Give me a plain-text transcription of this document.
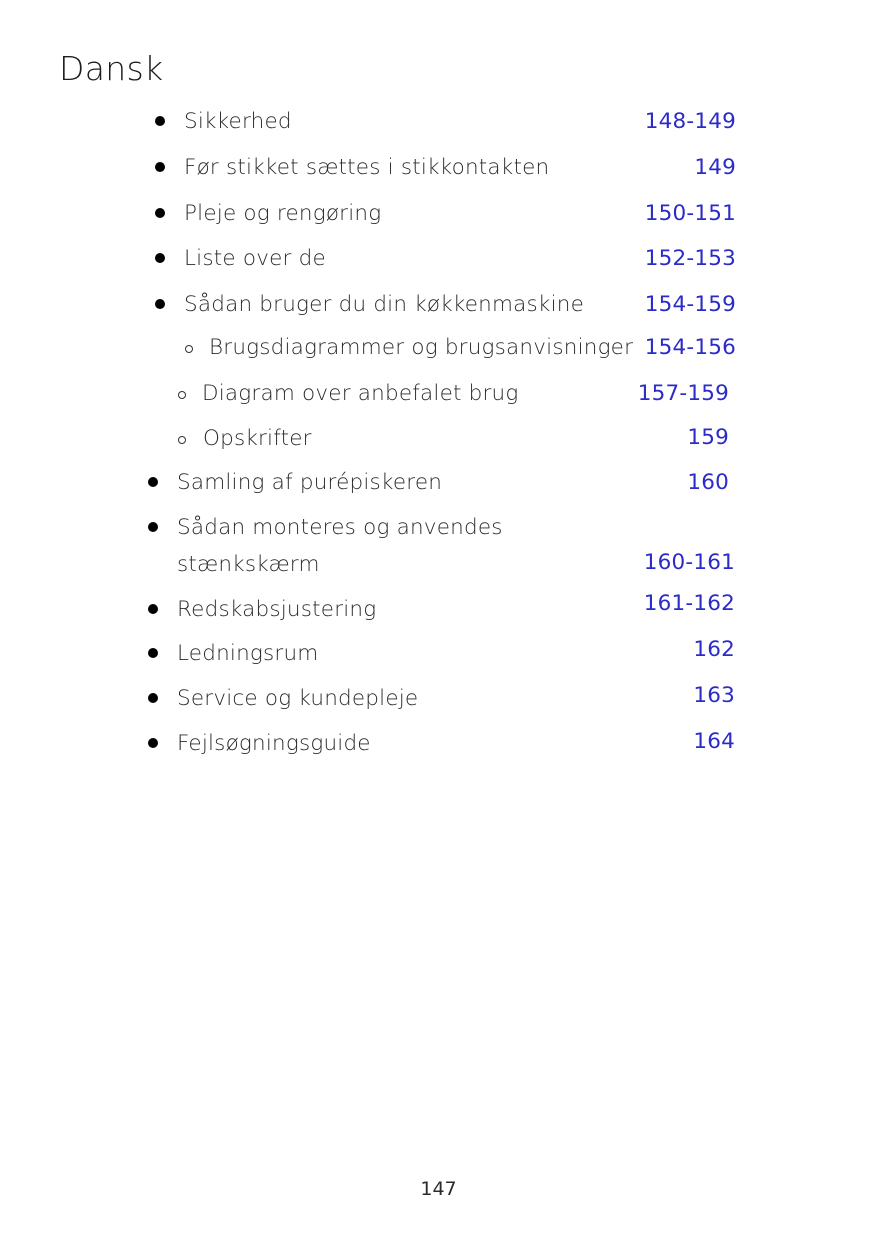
Dansk
Sikkerhed	148-149
Før stikket sættes i stikkontakten	149
Pleje og rengøring	150-151
Liste over de	152-153
Sådan bruger du din køkkenmaskine	154-159
Brugsdiagrammer og brugsanvisninger 154-156
Diagram over anbefalet brug	157-159
Opskrifter	159
Samling af purépiskeren	160
Sådan monteres og anvendes
stænkskærm	160-161
Redskabsjustering	161-162
Ledningsrum	162
Service og kundepleje	163
Fejlsøgningsguide	164
147
